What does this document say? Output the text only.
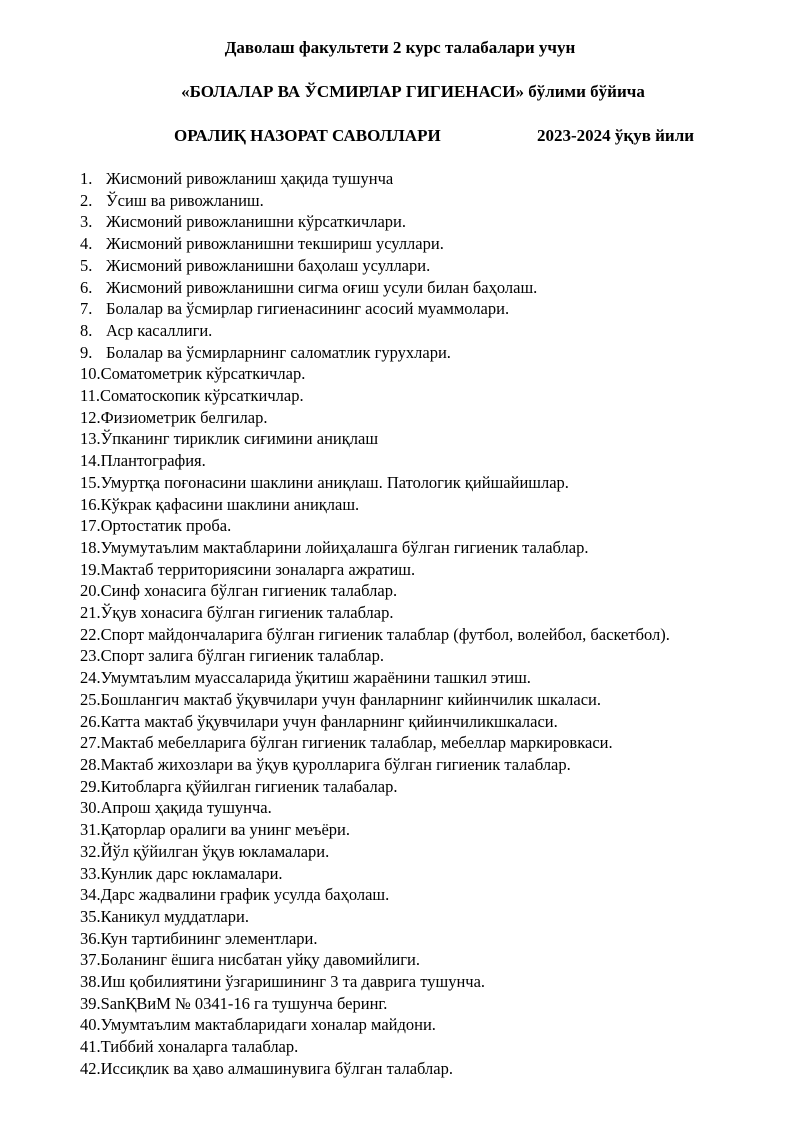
Даволаш факультети 2 курс талабалари учун

«БОЛАЛАР ВА ЎСМИРЛАР ГИГИЕНАСИ» бўлими бўйича

ОРАЛИҚ НАЗОРАТ САВОЛЛАРИ	2023-2024 ўқув йили

1. Жисмоний ривожланиш ҳақида тушунча
2. Ўсиш ва ривожланиш.
3. Жисмоний ривожланишни кўрсаткичлари.
4. Жисмоний ривожланишни текшириш усуллари.
5. Жисмоний ривожланишни баҳолаш усуллари.
6. Жисмоний ривожланишни сигма оғиш усули билан баҳолаш.
7. Болалар ва ўсмирлар гигиенасининг асосий муаммолари.
8. Аср касаллиги.
9. Болалар ва ўсмирларнинг саломатлик гурухлари.
10.Соматометрик кўрсаткичлар.
11.Соматоскопик кўрсаткичлар.
12.Физиометрик белгилар.
13.Ўпканинг тириклик сиғимини аниқлаш
14.Плантография.
15.Умуртқа поғонасини шаклини аниқлаш. Патологик қийшайишлар.
16.Кўкрак қафасини шаклини аниқлаш.
17.Ортостатик проба.
18.Умумутаълим мактабларини лойиҳалашга бўлган гигиеник талаблар.
19.Мактаб территориясини зоналарга ажратиш.
20.Синф хонасига бўлган гигиеник талаблар.
21.Ўқув хонасига бўлган гигиеник талаблар.
22.Спорт майдончаларига бўлган гигиеник талаблар (футбол, волейбол, баскетбол).
23.Спорт залига бўлган гигиеник талаблар.
24.Умумтаълим муассаларида ўқитиш жараёнини ташкил этиш.
25.Бошлангич мактаб ўқувчилари учун фанларнинг кийинчилик шкаласи.
26.Катта мактаб ўқувчилари учун фанларнинг қийинчиликшкаласи.
27.Мактаб мебелларига бўлган гигиеник талаблар, мебеллар маркировкаси.
28.Мактаб жихозлари ва ўқув қуролларига бўлган гигиеник талаблар.
29.Китобларга қўйилган гигиеник талабалар.
30.Апрош ҳақида тушунча.
31.Қаторлар оралиги ва унинг меъёри.
32.Йўл қўйилган ўқув юкламалари.
33.Кунлик дарс юкламалари.
34.Дарс жадвалини график усулда баҳолаш.
35.Каникул муддатлари.
36.Кун тартибининг элементлари.
37.Боланинг ёшига нисбатан уйқу давомийлиги.
38.Иш қобилиятини ўзгаришининг 3 та даврига тушунча.
39.SanҚВиМ № 0341-16 га тушунча беринг.
40.Умумтаълим мактабларидаги хоналар майдони.
41.Тиббий хоналарга талаблар.
42.Иссиқлик ва ҳаво алмашинувига бўлган талаблар.
